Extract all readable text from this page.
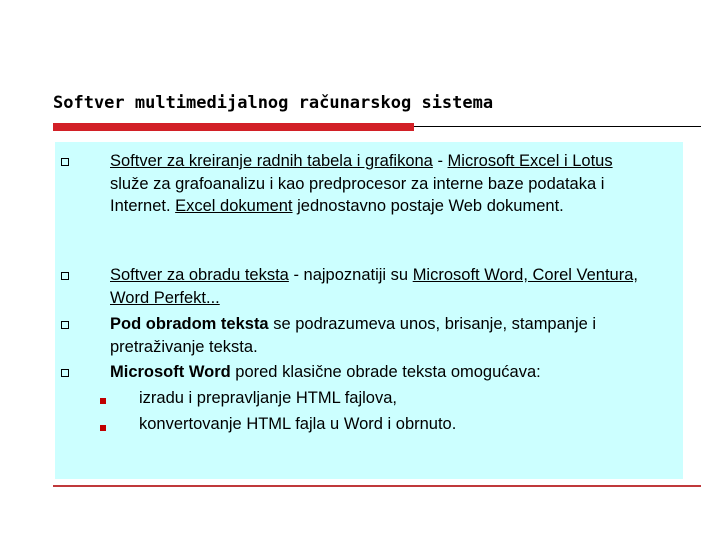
Softver multimedijalnog računarskog sistema
Softver za kreiranje radnih tabela i grafikona - Microsoft Excel i Lotus služe za grafoanalizu i kao predprocesor za interne baze podataka i Internet. Excel dokument jednostavno postaje Web dokument.
Softver za obradu teksta - najpoznatiji su Microsoft Word, Corel Ventura, Word Perfekt...
Pod obradom teksta se podrazumeva unos, brisanje, stampanje i pretraživanje teksta.
Microsoft Word pored klasične obrade teksta omogućava:
izradu i prepravljanje HTML fajlova,
konvertovanje HTML fajla u Word i obrnuto.
